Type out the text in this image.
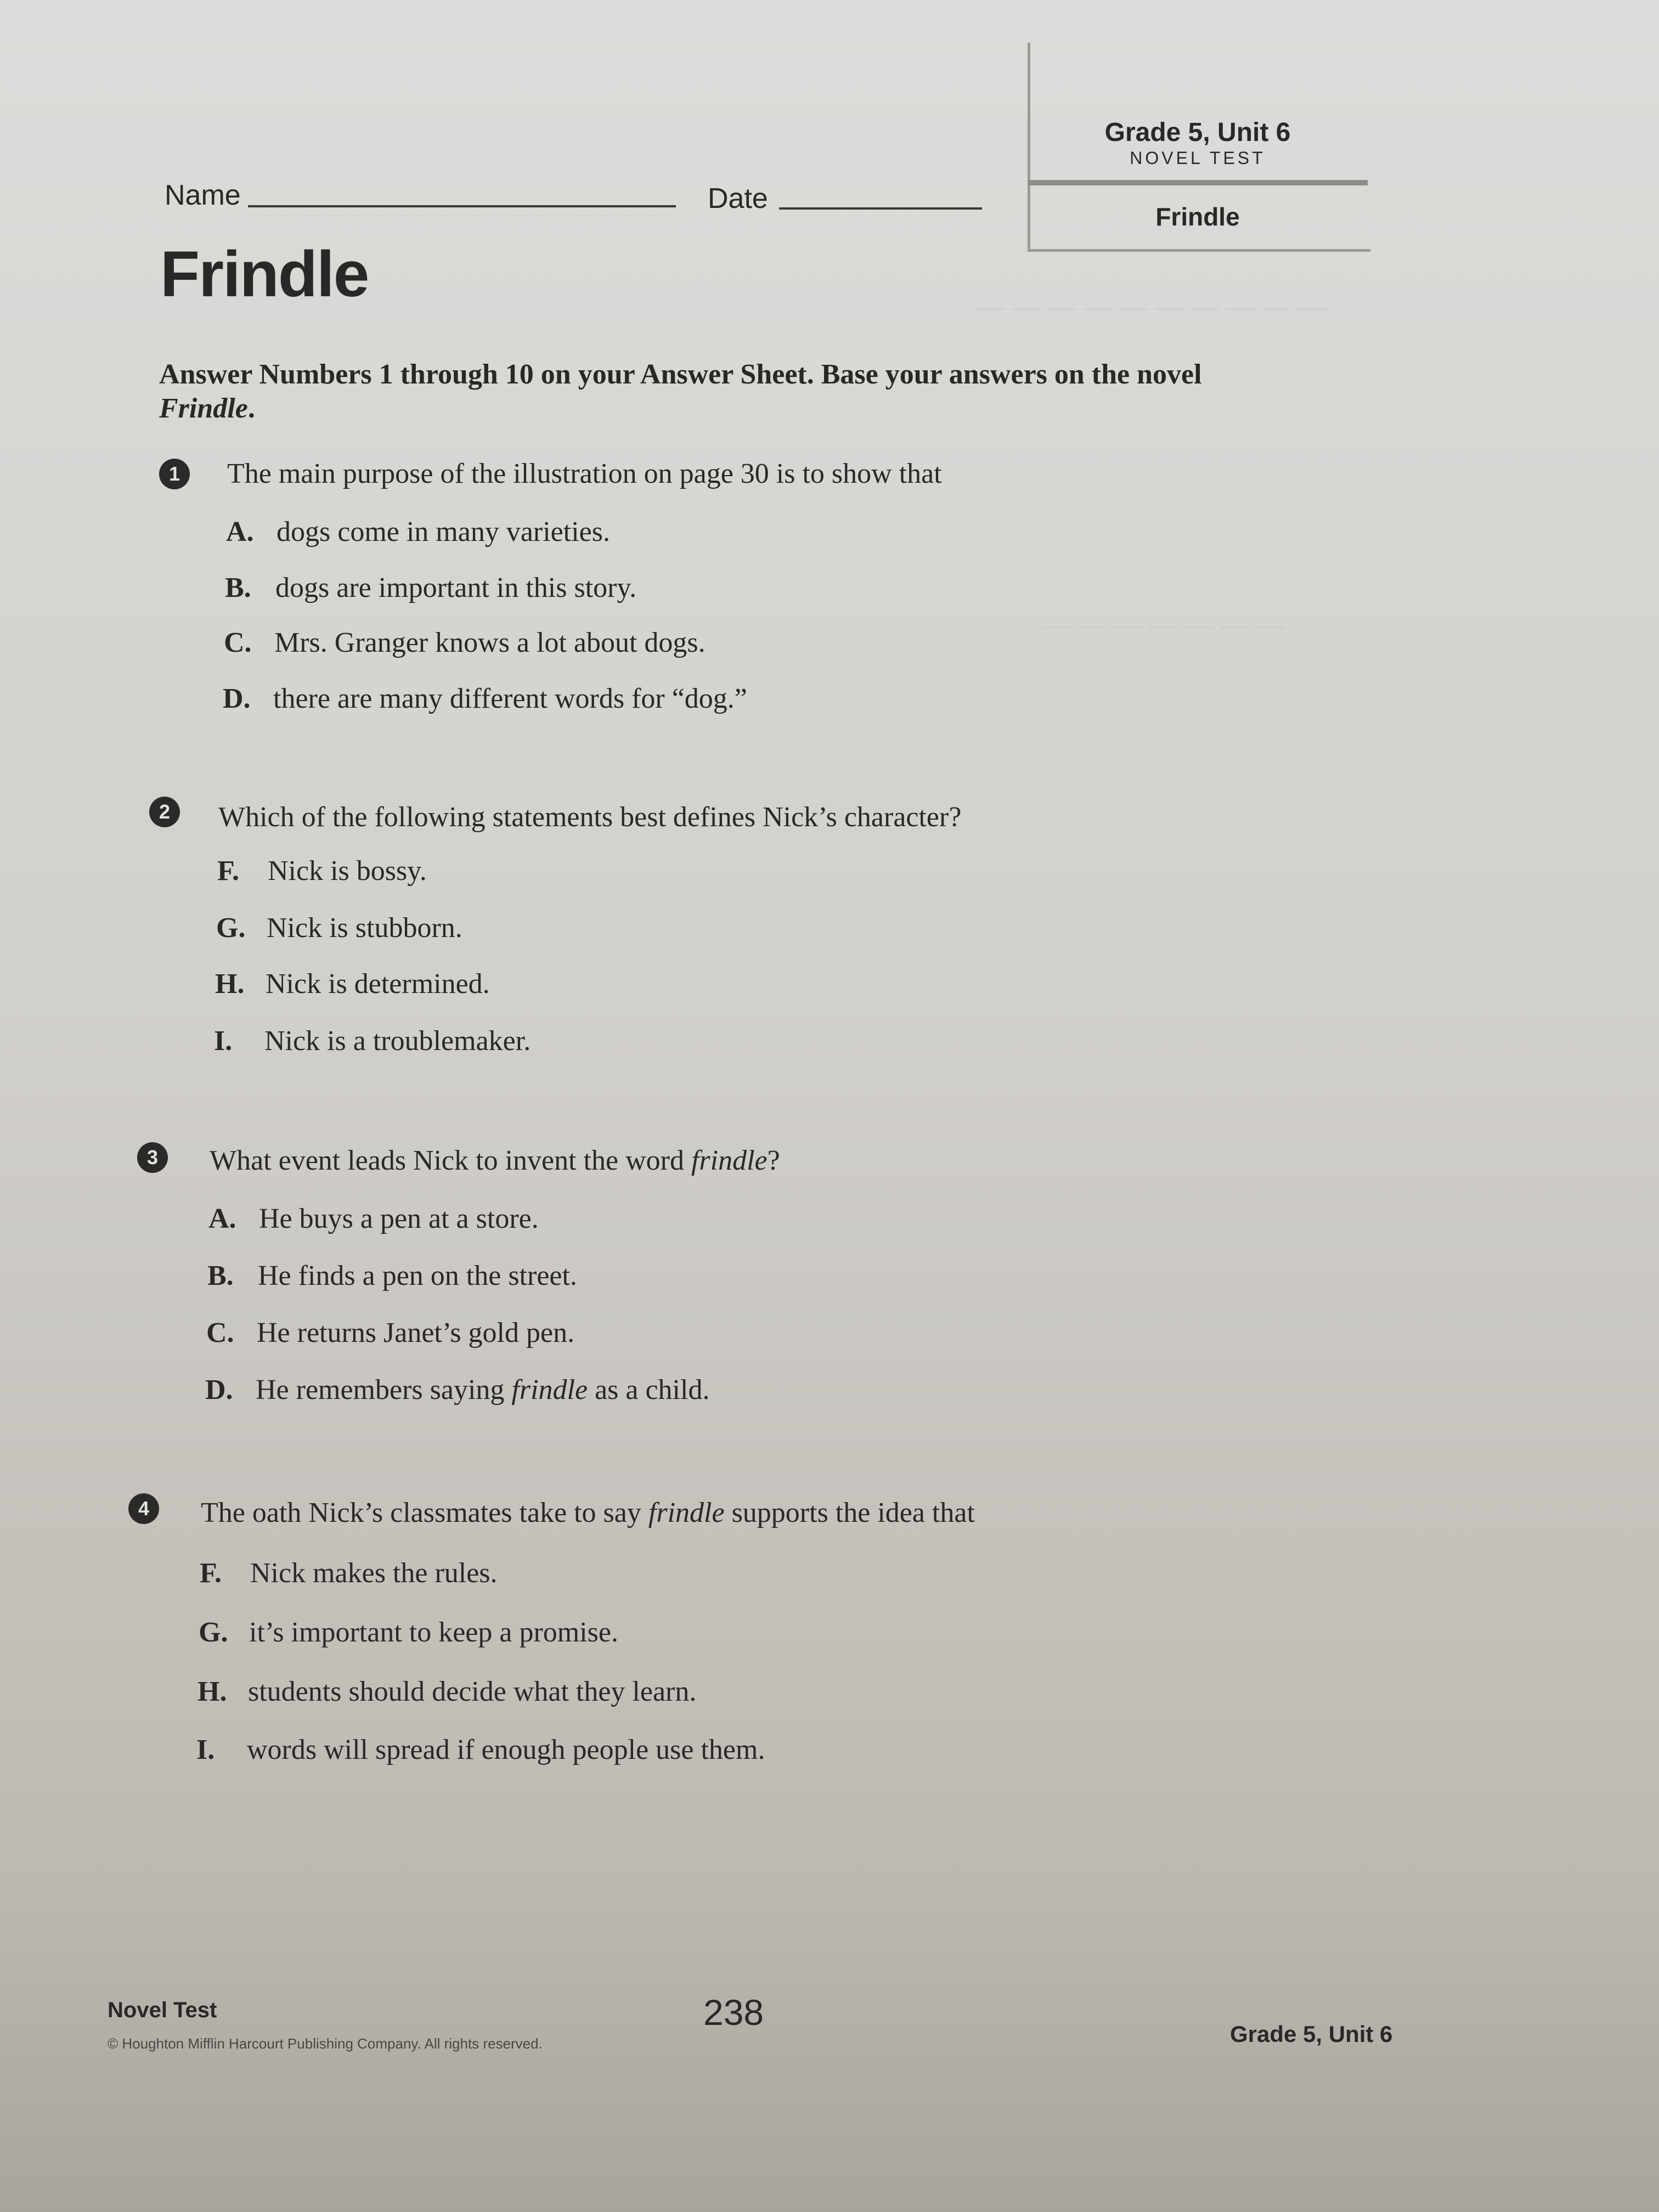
Grade 5, Unit 6
NOVEL TEST
Frindle
Name	Date
Frindle
Answer Numbers 1 through 10 on your Answer Sheet. Base your answers on the novel Frindle.
— — — — — — — — — —
— — — — — — —
1	The main purpose of the illustration on page 30 is to show that
A. dogs come in many varieties.
B. dogs are important in this story.
C. Mrs. Granger knows a lot about dogs.
D. there are many different words for “dog.”
2	Which of the following statements best defines Nick’s character?
F. Nick is bossy.
G. Nick is stubborn.
H. Nick is determined.
I. Nick is a troublemaker.
3	What event leads Nick to invent the word frindle?
A. He buys a pen at a store.
B. He finds a pen on the street.
C. He returns Janet’s gold pen.
D. He remembers saying frindle as a child.
4	The oath Nick’s classmates take to say frindle supports the idea that
F. Nick makes the rules.
G. it’s important to keep a promise.
H. students should decide what they learn.
I. words will spread if enough people use them.
Novel Test
© Houghton Mifflin Harcourt Publishing Company. All rights reserved.
238
Grade 5, Unit 6
